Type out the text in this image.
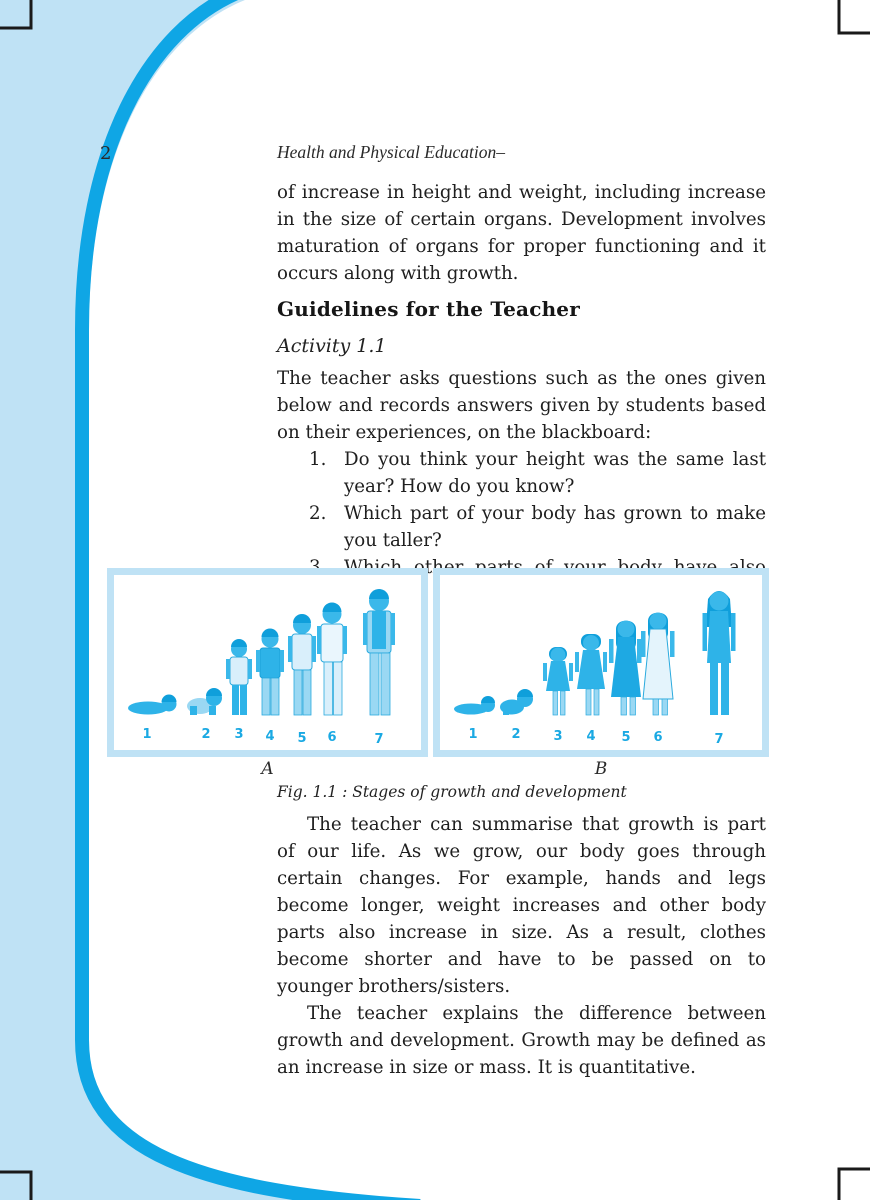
2	Health and Physical Education–

of increase in height and weight, including increase in the size of certain organs. Development involves maturation of organs for proper functioning and it occurs along with growth.

Guidelines for the Teacher
Activity 1.1

The teacher asks questions such as the ones given below and records answers given by students based on their experiences, on the blackboard:

1. Do you think your height was the same last year? How do you know?
2. Which part of your body has grown to make you taller?
1	2 3 4 5 6	7	1	2	3 4 5 6	7
A	B
Fig. 1.1 : Stages of growth and development

The teacher can summarise that growth is part of our life. As we grow, our body goes through certain changes. For example, hands and legs become longer, weight increases and other body parts also increase in size. As a result, clothes become shorter and have to be passed on to younger brothers/sisters.

The teacher explains the difference between growth and development. Growth may be defined as an increase in size or mass. It is quantitative.
